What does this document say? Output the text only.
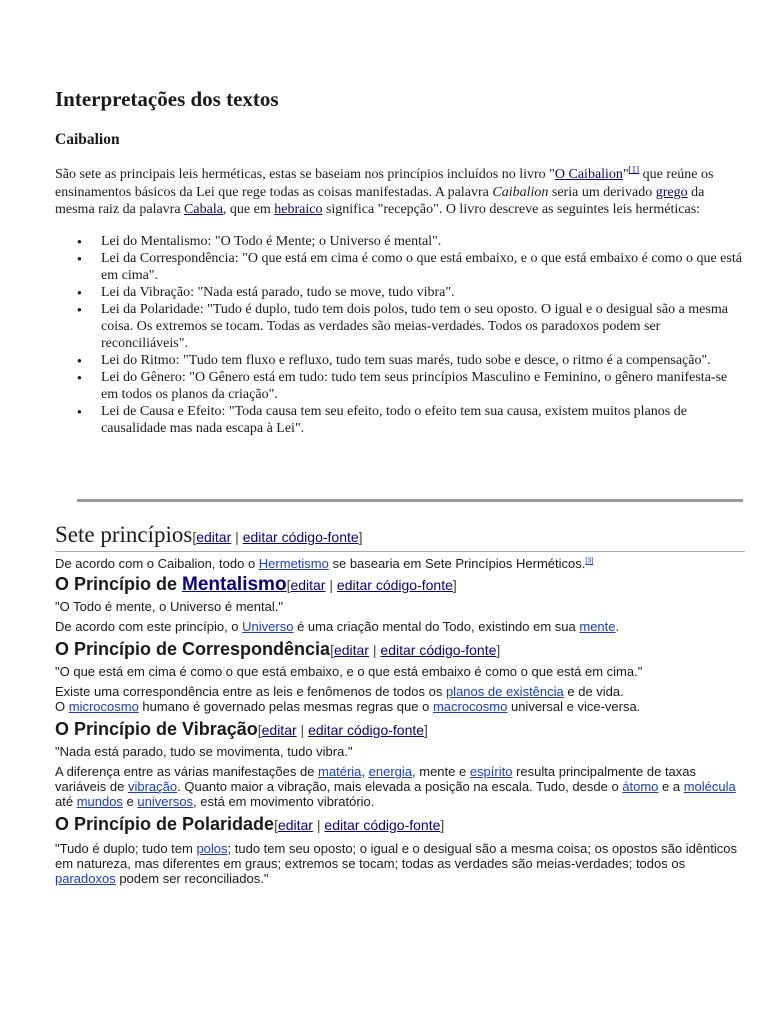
Interpretações dos textos
Caibalion

São sete as principais leis herméticas, estas se baseiam nos princípios incluídos no livro "O Caibalion"[1] que reúne os ensinamentos básicos da Lei que rege todas as coisas manifestadas. A palavra Caibalion seria um derivado grego da mesma raiz da palavra Cabala, que em hebraico significa "recepção". O livro descreve as seguintes leis herméticas:

● Lei do Mentalismo: "O Todo é Mente; o Universo é mental".
● Lei da Correspondência: "O que está em cima é como o que está embaixo, e o que está embaixo é como o que está em cima".
● Lei da Vibração: "Nada está parado, tudo se move, tudo vibra".
● Lei da Polaridade: "Tudo é duplo, tudo tem dois polos, tudo tem o seu oposto. O igual e o desigual são a mesma coisa. Os extremos se tocam. Todas as verdades são meias-verdades. Todos os paradoxos podem ser reconciliáveis".
● Lei do Ritmo: "Tudo tem fluxo e refluxo, tudo tem suas marés, tudo sobe e desce, o ritmo é a compensação".
● Lei do Gênero: "O Gênero está em tudo: tudo tem seus princípios Masculino e Feminino, o gênero manifesta-se em todos os planos da criação".
● Lei de Causa e Efeito: "Toda causa tem seu efeito, todo o efeito tem sua causa, existem muitos planos de causalidade mas nada escapa à Lei".
Sete princípios[editar | editar código-fonte]

De acordo com o Caibalion, todo o Hermetismo se basearia em Sete Princípios Herméticos.[3]

O Princípio de Mentalismo[editar | editar código-fonte]

"O Todo é mente, o Universo é mental."

De acordo com este princípio, o Universo é uma criação mental do Todo, existindo em sua mente.

O Princípio de Correspondência[editar | editar código-fonte]

"O que está em cima é como o que está embaixo, e o que está embaixo é como o que está em cima."

Existe uma correspondência entre as leis e fenômenos de todos os planos de existência e de vida.
O microcosmo humano é governado pelas mesmas regras que o macrocosmo universal e vice-versa.

O Princípio de Vibração[editar | editar código-fonte]

"Nada está parado, tudo se movimenta, tudo vibra."

A diferença entre as várias manifestações de matéria, energia, mente e espírito resulta principalmente de taxas variáveis de vibração. Quanto maior a vibração, mais elevada a posição na escala. Tudo, desde o átomo e a molécula até mundos e universos, está em movimento vibratório.

O Princípio de Polaridade[editar | editar código-fonte]

"Tudo é duplo; tudo tem polos; tudo tem seu oposto; o igual e o desigual são a mesma coisa; os opostos são idênticos em natureza, mas diferentes em graus; extremos se tocam; todas as verdades são meias-verdades; todos os paradoxos podem ser reconciliados."
